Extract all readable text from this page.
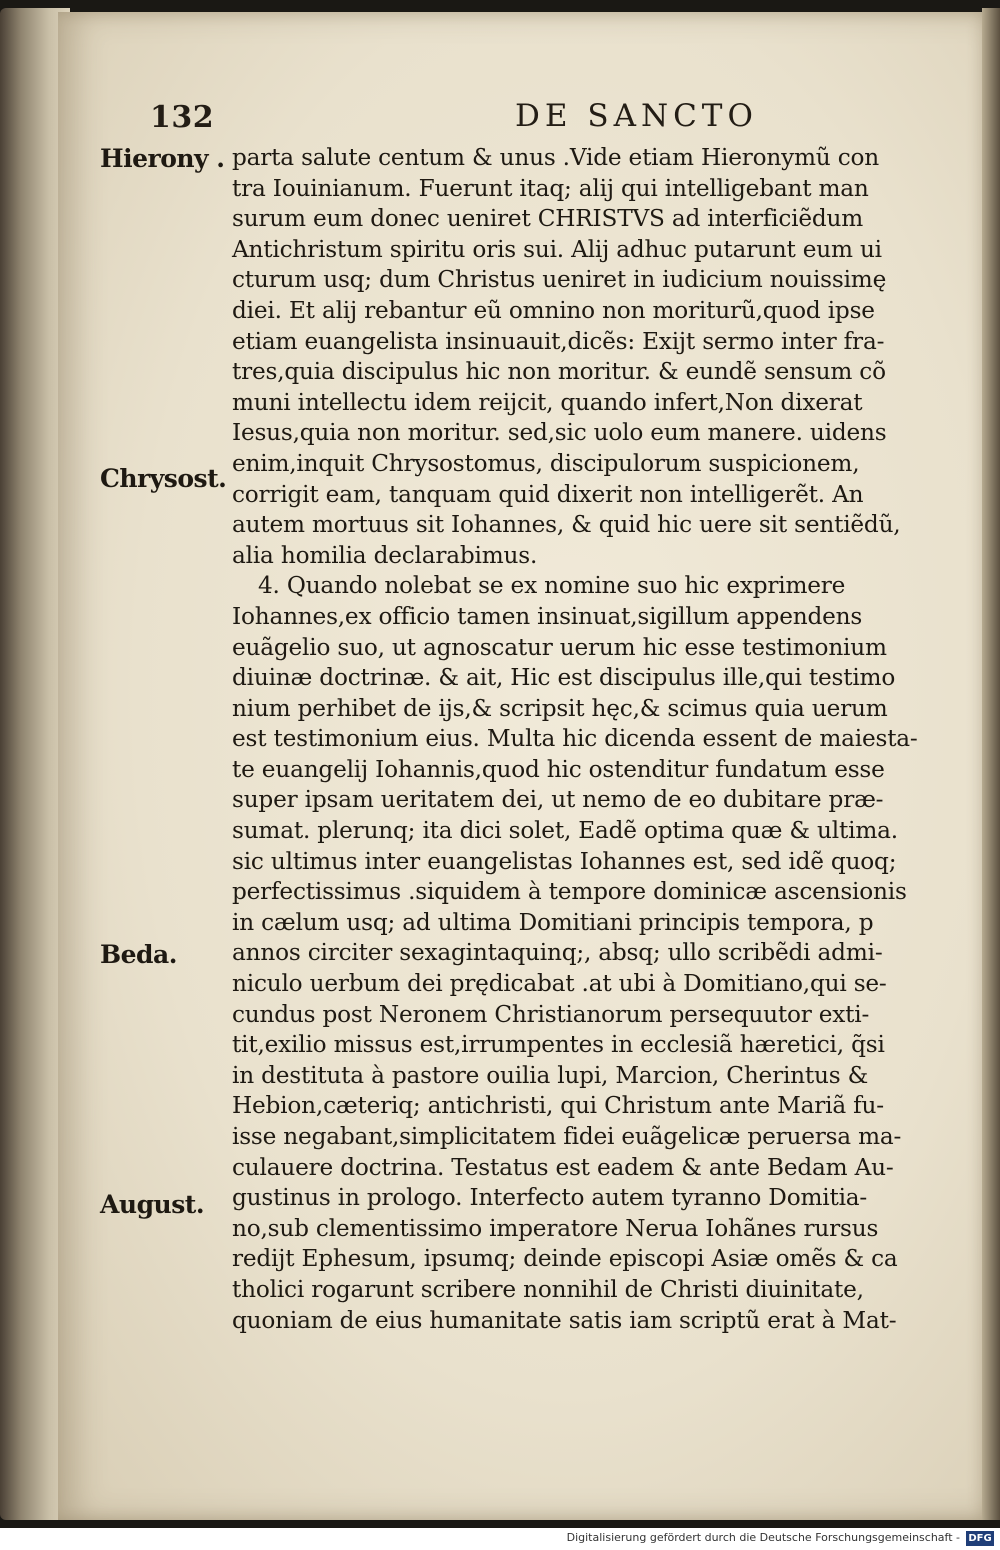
132	DE SANCTO
Hierony .
Chrysost.
Beda.
August.
parta salute centum & unus .Vide etiam Hieronymũ con
tra Iouinianum. Fuerunt itaq; alij qui intelligebant man
surum eum donec ueniret CHRISTVS ad interficiẽdum
Antichristum spiritu oris sui. Alij adhuc putarunt eum ui
cturum usq; dum Christus ueniret in iudicium nouissimę
diei. Et alij rebantur eũ omnino non moriturũ,quod ipse
etiam euangelista insinuauit,dicẽs: Exijt sermo inter fra-
tres,quia discipulus hic non moritur. & eundẽ sensum cõ
muni intellectu idem reijcit, quando infert,Non dixerat
Iesus,quia non moritur. sed,sic uolo eum manere. uidens
enim,inquit Chrysostomus, discipulorum suspicionem,
corrigit eam, tanquam quid dixerit non intelligerẽt. An
autem mortuus sit Iohannes, & quid hic uere sit sentiẽdũ,
alia homilia declarabimus.
4. Quando nolebat se ex nomine suo hic exprimere
Iohannes,ex officio tamen insinuat,sigillum appendens
euãgelio suo, ut agnoscatur uerum hic esse testimonium
diuinæ doctrinæ. & ait, Hic est discipulus ille,qui testimo
nium perhibet de ijs,& scripsit hęc,& scimus quia uerum
est testimonium eius. Multa hic dicenda essent de maiesta-
te euangelij Iohannis,quod hic ostenditur fundatum esse
super ipsam ueritatem dei, ut nemo de eo dubitare præ-
sumat. plerunq; ita dici solet, Eadẽ optima quæ & ultima.
sic ultimus inter euangelistas Iohannes est, sed idẽ quoq;
perfectissimus .siquidem à tempore dominicæ ascensionis
in cælum usq; ad ultima Domitiani principis tempora, p
annos circiter sexagintaquinq;, absq; ullo scribẽdi admi-
niculo uerbum dei prędicabat .at ubi à Domitiano,qui se-
cundus post Neronem Christianorum persequutor exti-
tit,exilio missus est,irrumpentes in ecclesiã hæretici, q̃si
in destituta à pastore ouilia lupi, Marcion, Cherintus &
Hebion,cæteriq; antichristi, qui Christum ante Mariã fu-
isse negabant,simplicitatem fidei euãgelicæ peruersa ma-
culauere doctrina. Testatus est eadem & ante Bedam Au-
gustinus in prologo. Interfecto autem tyranno Domitia-
no,sub clementissimo imperatore Nerua Iohãnes rursus
redijt Ephesum, ipsumq; deinde episcopi Asiæ omẽs & ca
tholici rogarunt scribere nonnihil de Christi diuinitate,
quoniam de eius humanitate satis iam scriptũ erat à Mat-
Digitalisierung gefördert durch die Deutsche Forschungsgemeinschaft - DFG
